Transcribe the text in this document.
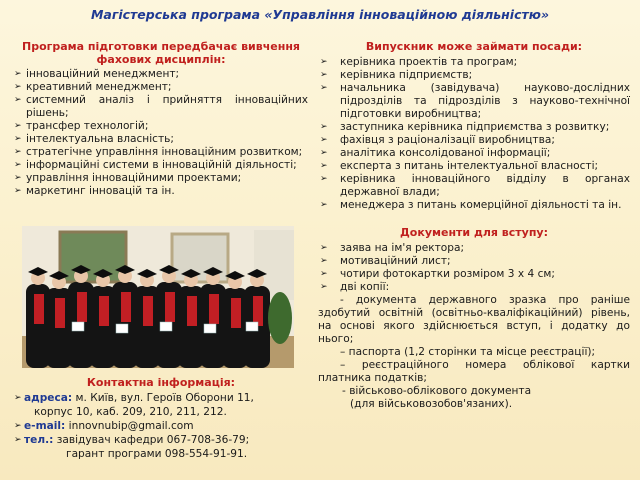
Магістерська програма «Управління інноваційною діяльністю»
Програма підготовки передбачає вивчення
фахових дисциплін:
➢ інноваційний менеджмент;
➢ креативний менеджмент;
➢ системний аналіз і прийняття інноваційних рішень;
➢ трансфер технологій;
➢ інтелектуальна власність;
➢ стратегічне управління інноваційним розвитком;
➢ інформаційні системи в інноваційній діяльності;
➢ управління інноваційними проектами;
➢ маркетинг інновацій та ін.
Контактна інформація:
➢ адреса: м. Київ, вул. Героїв Оборони 11,
корпус 10, каб. 209, 210, 211, 212.
➢ e-mail: innovnubip@gmail.com
➢ тел.: завідувач кафедри 067-708-36-79;
гарант програми 098-554-91-91.
Випускник може займати посади:
➢ керівника проектів та програм;
➢ керівника підприємств;
➢ начальника (завідувача) науково-дослідних підрозділів та підрозділів з науково-технічної підготовки виробництва;
➢ заступника керівника підприємства з розвитку;
➢ фахівця з раціоналізації виробництва;
➢ аналітика консолідованої інформації;
➢ експерта з питань інтелектуальної власності;
➢ керівника інноваційного відділу в органах державної влади;
➢ менеджера з питань комерційної діяльності та ін.
Документи для вступу:
➢ заява на ім'я ректора;
➢ мотиваційний лист;
➢ чотири фотокартки розміром 3 х 4 см;
➢ дві копії:

- документа державного зразка про раніше здобутий освітній (освітньо-кваліфікаційний) рівень, на основі якого здійснюється вступ, і додатку до нього;

– паспорта (1,2 сторінки та місце реєстрації);

– реєстраційного номера облікової картки платника податків;

- військово-облікового документа

(для військовозобов'язаних).
